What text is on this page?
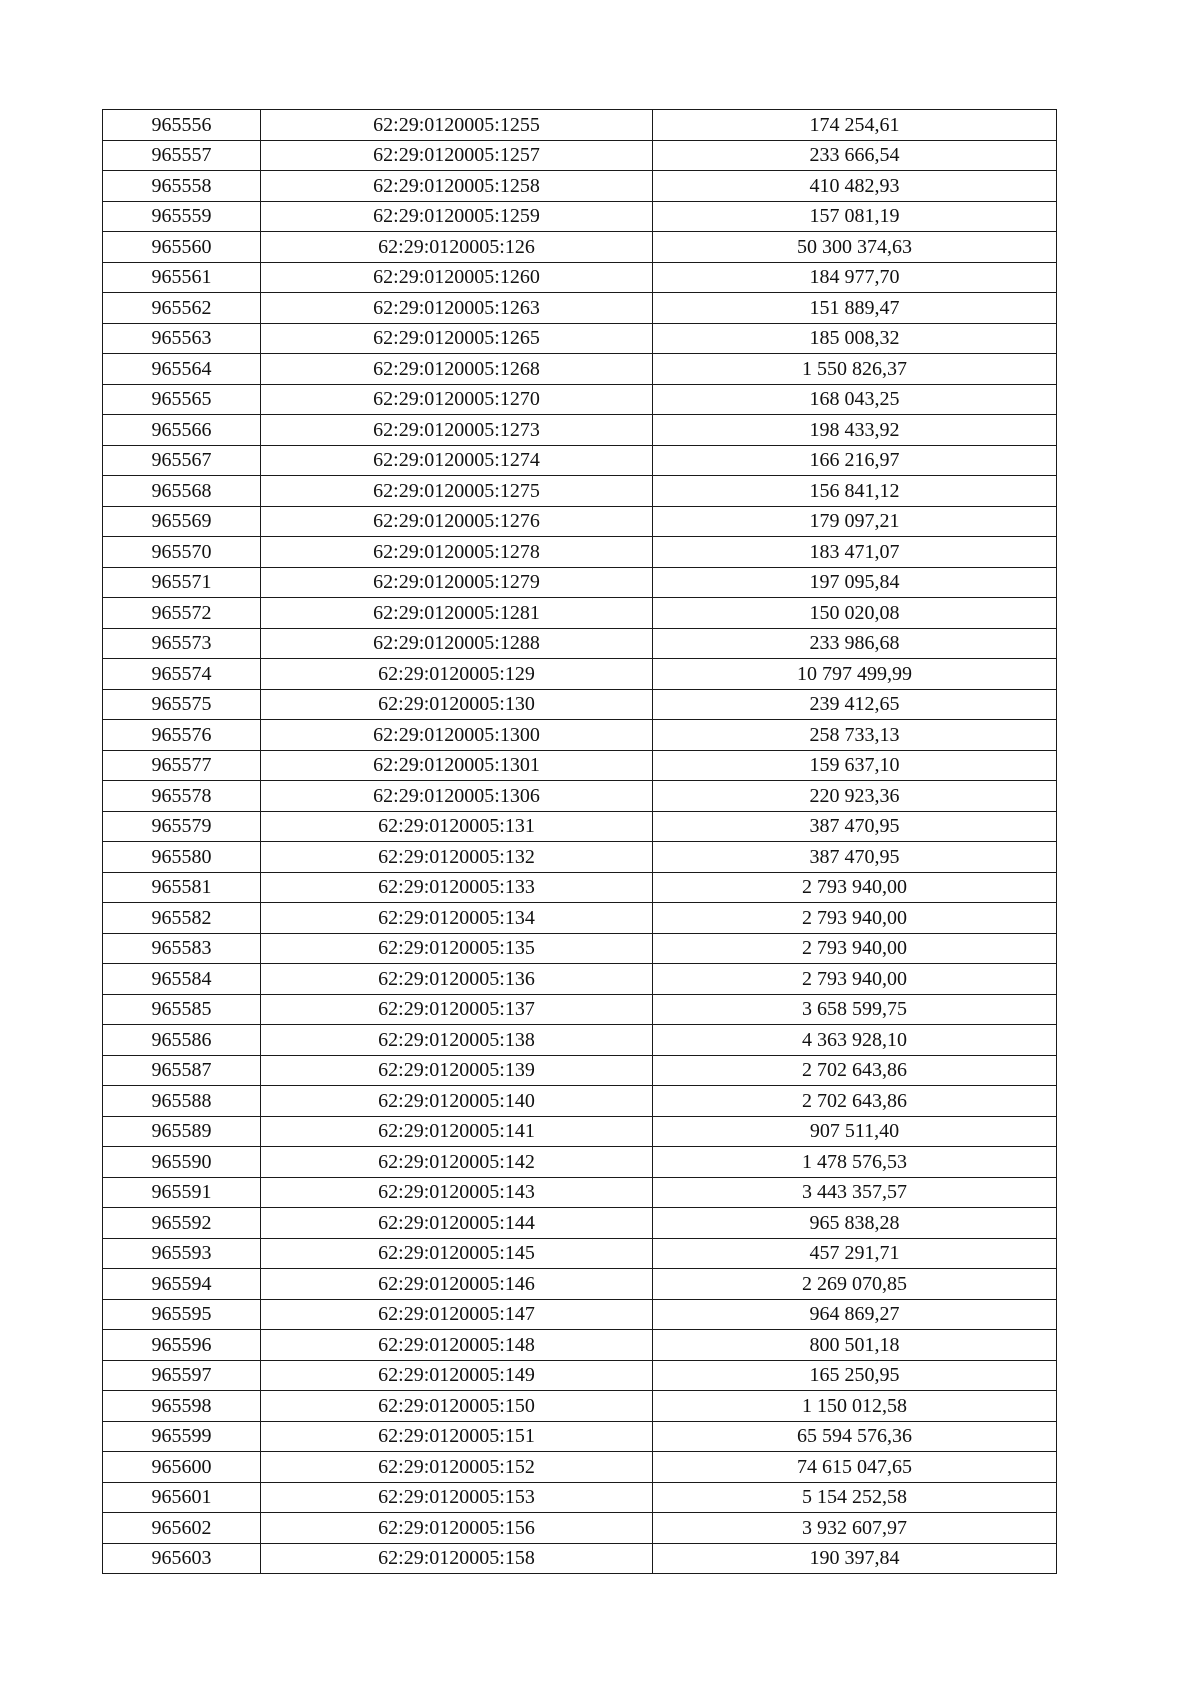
965556	62:29:0120005:1255	174 254,61
965557	62:29:0120005:1257	233 666,54
965558	62:29:0120005:1258	410 482,93
965559	62:29:0120005:1259	157 081,19
965560	62:29:0120005:126	50 300 374,63
965561	62:29:0120005:1260	184 977,70
965562	62:29:0120005:1263	151 889,47
965563	62:29:0120005:1265	185 008,32
965564	62:29:0120005:1268	1 550 826,37
965565	62:29:0120005:1270	168 043,25
965566	62:29:0120005:1273	198 433,92
965567	62:29:0120005:1274	166 216,97
965568	62:29:0120005:1275	156 841,12
965569	62:29:0120005:1276	179 097,21
965570	62:29:0120005:1278	183 471,07
965571	62:29:0120005:1279	197 095,84
965572	62:29:0120005:1281	150 020,08
965573	62:29:0120005:1288	233 986,68
965574	62:29:0120005:129	10 797 499,99
965575	62:29:0120005:130	239 412,65
965576	62:29:0120005:1300	258 733,13
965577	62:29:0120005:1301	159 637,10
965578	62:29:0120005:1306	220 923,36
965579	62:29:0120005:131	387 470,95
965580	62:29:0120005:132	387 470,95
965581	62:29:0120005:133	2 793 940,00
965582	62:29:0120005:134	2 793 940,00
965583	62:29:0120005:135	2 793 940,00
965584	62:29:0120005:136	2 793 940,00
965585	62:29:0120005:137	3 658 599,75
965586	62:29:0120005:138	4 363 928,10
965587	62:29:0120005:139	2 702 643,86
965588	62:29:0120005:140	2 702 643,86
965589	62:29:0120005:141	907 511,40
965590	62:29:0120005:142	1 478 576,53
965591	62:29:0120005:143	3 443 357,57
965592	62:29:0120005:144	965 838,28
965593	62:29:0120005:145	457 291,71
965594	62:29:0120005:146	2 269 070,85
965595	62:29:0120005:147	964 869,27
965596	62:29:0120005:148	800 501,18
965597	62:29:0120005:149	165 250,95
965598	62:29:0120005:150	1 150 012,58
965599	62:29:0120005:151	65 594 576,36
965600	62:29:0120005:152	74 615 047,65
965601	62:29:0120005:153	5 154 252,58
965602	62:29:0120005:156	3 932 607,97
965603	62:29:0120005:158	190 397,84
